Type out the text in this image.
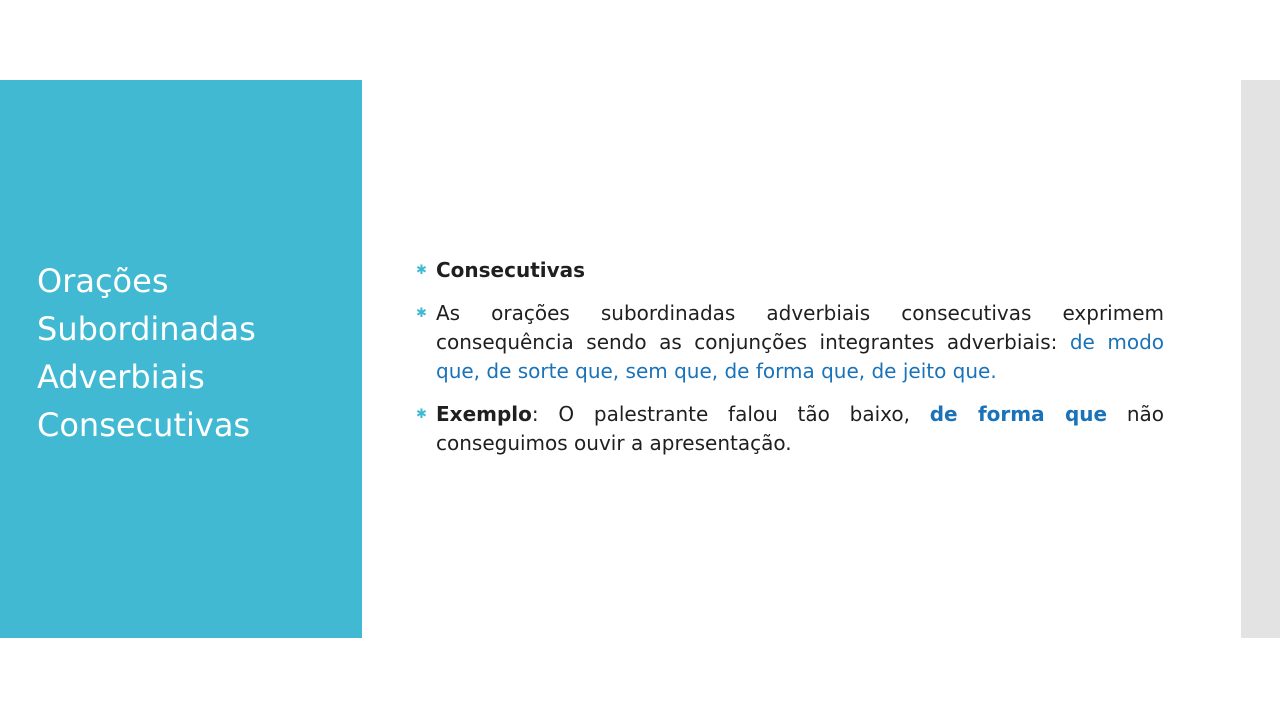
Orações Subordinadas Adverbiais Consecutivas
✱ Consecutivas
✱ As orações subordinadas adverbiais consecutivas exprimem consequência sendo as conjunções integrantes adverbiais: de modo que, de sorte que, sem que, de forma que, de jeito que.
✱ Exemplo: O palestrante falou tão baixo, de forma que não conseguimos ouvir a apresentação.
